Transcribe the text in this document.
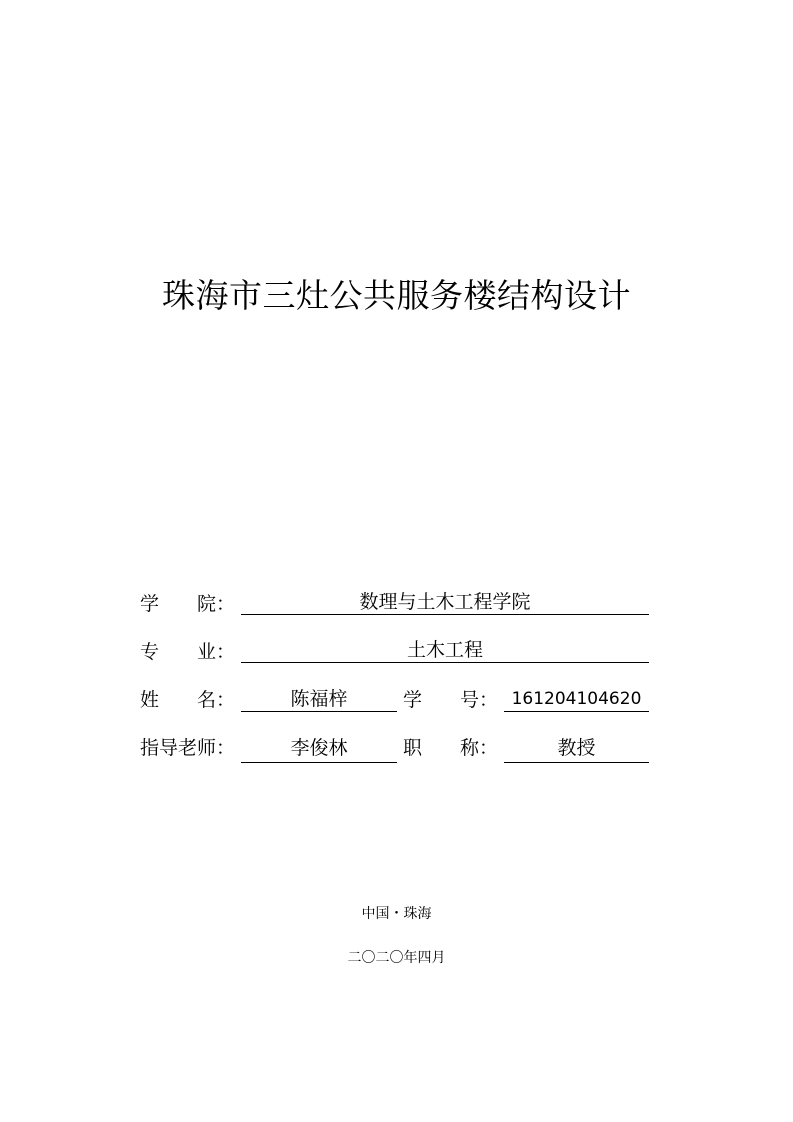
珠海市三灶公共服务楼结构设计
学　　院：	数理与土木工程学院
专　　业：	土木工程
姓　　名：	陈福梓	学　　号： 161204104620
指导老师：	李俊林	职　　称：	教授
中国・珠海
二〇二〇年四月
